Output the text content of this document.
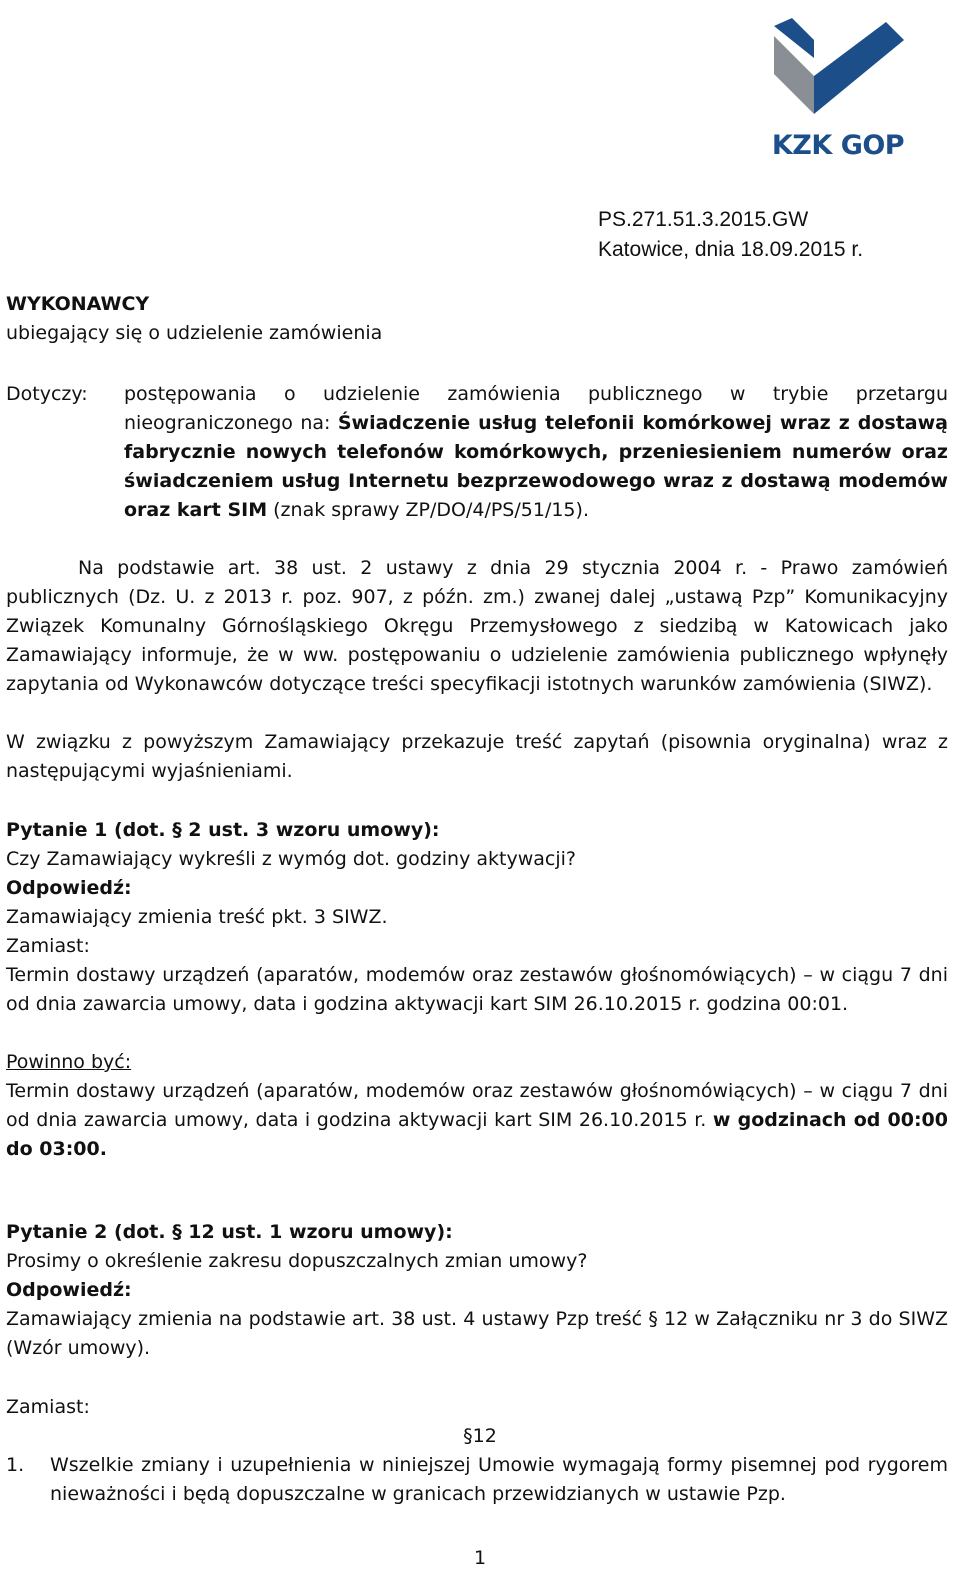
KZK GOP
PS.271.51.3.2015.GW
Katowice, dnia 18.09.2015 r.
WYKONAWCY
ubiegający się o udzielenie zamówienia
Dotyczy: postępowania o udzielenie zamówienia publicznego w trybie przetargu nieograniczonego na: Świadczenie usług telefonii komórkowej wraz z dostawą fabrycznie nowych telefonów komórkowych, przeniesieniem numerów oraz świadczeniem usług Internetu bezprzewodowego wraz z dostawą modemów oraz kart SIM (znak sprawy ZP/DO/4/PS/51/15).
Na podstawie art. 38 ust. 2 ustawy z dnia 29 stycznia 2004 r. - Prawo zamówień publicznych (Dz. U. z 2013 r. poz. 907, z późn. zm.) zwanej dalej „ustawą Pzp” Komunikacyjny Związek Komunalny Górnośląskiego Okręgu Przemysłowego z siedzibą w Katowicach jako Zamawiający informuje, że w ww. postępowaniu o udzielenie zamówienia publicznego wpłynęły zapytania od Wykonawców dotyczące treści specyfikacji istotnych warunków zamówienia (SIWZ).
W związku z powyższym Zamawiający przekazuje treść zapytań (pisownia oryginalna) wraz z następującymi wyjaśnieniami.
Pytanie 1 (dot. § 2 ust. 3 wzoru umowy):
Czy Zamawiający wykreśli z wymóg dot. godziny aktywacji?
Odpowiedź:
Zamawiający zmienia treść pkt. 3 SIWZ.
Zamiast:
Termin dostawy urządzeń (aparatów, modemów oraz zestawów głośnomówiących) – w ciągu 7 dni od dnia zawarcia umowy, data i godzina aktywacji kart SIM 26.10.2015 r. godzina 00:01.
Powinno być:
Termin dostawy urządzeń (aparatów, modemów oraz zestawów głośnomówiących) – w ciągu 7 dni od dnia zawarcia umowy, data i godzina aktywacji kart SIM 26.10.2015 r. w godzinach od 00:00 do 03:00.
Pytanie 2 (dot. § 12 ust. 1 wzoru umowy):
Prosimy o określenie zakresu dopuszczalnych zmian umowy?
Odpowiedź:
Zamawiający zmienia na podstawie art. 38 ust. 4 ustawy Pzp treść § 12 w Załączniku nr 3 do SIWZ (Wzór umowy).
Zamiast:
§12
1. Wszelkie zmiany i uzupełnienia w niniejszej Umowie wymagają formy pisemnej pod rygorem nieważności i będą dopuszczalne w granicach przewidzianych w ustawie Pzp.
1
